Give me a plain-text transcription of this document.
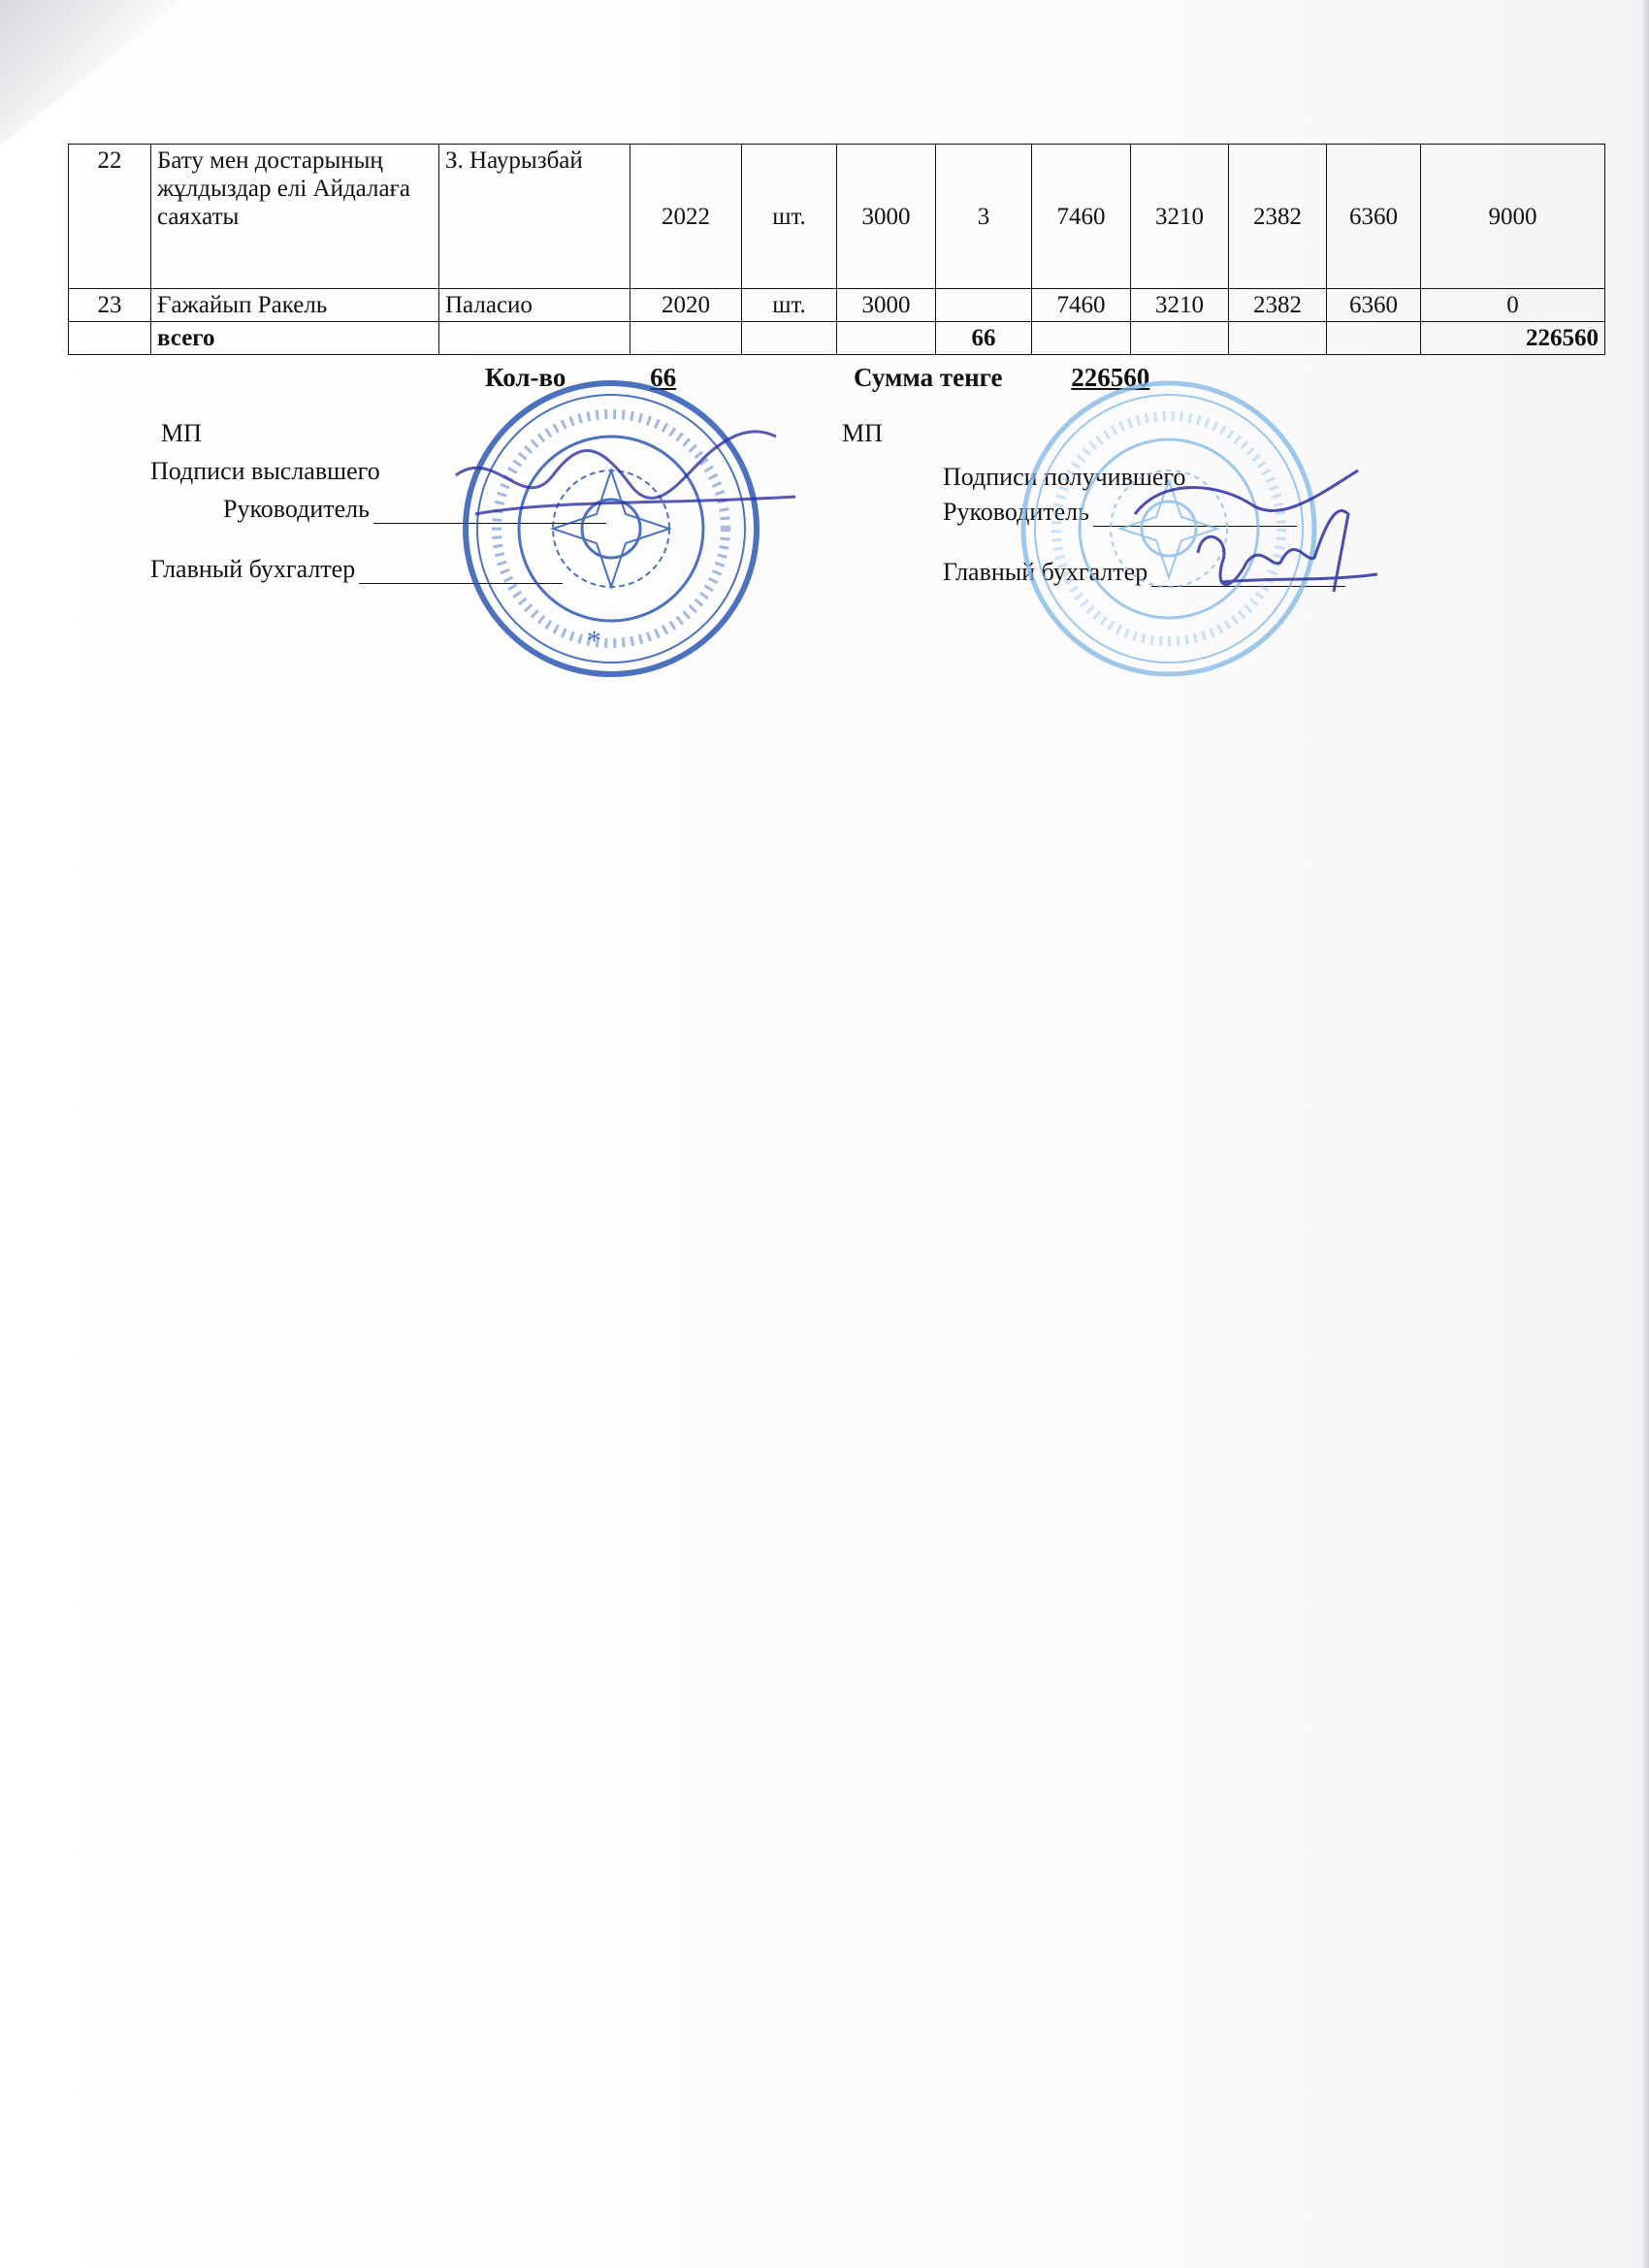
22	Бату мен достарының жұлдыздар елі Айдалаға саяхаты	З. Наурызбай	2022	шт.	3000	3	7460	3210	2382	6360	9000
23	Ғажайып Ракель	Паласио	2020	шт.	3000		7460	3210	2382	6360	0
	всего					66					226560
Кол-во	66	Сумма тенге	226560
МП
Подписи выславшего
Руководитель
Главный бухгалтер
МП
Подписи получившего
Руководитель
Главный бухгалтер
*
